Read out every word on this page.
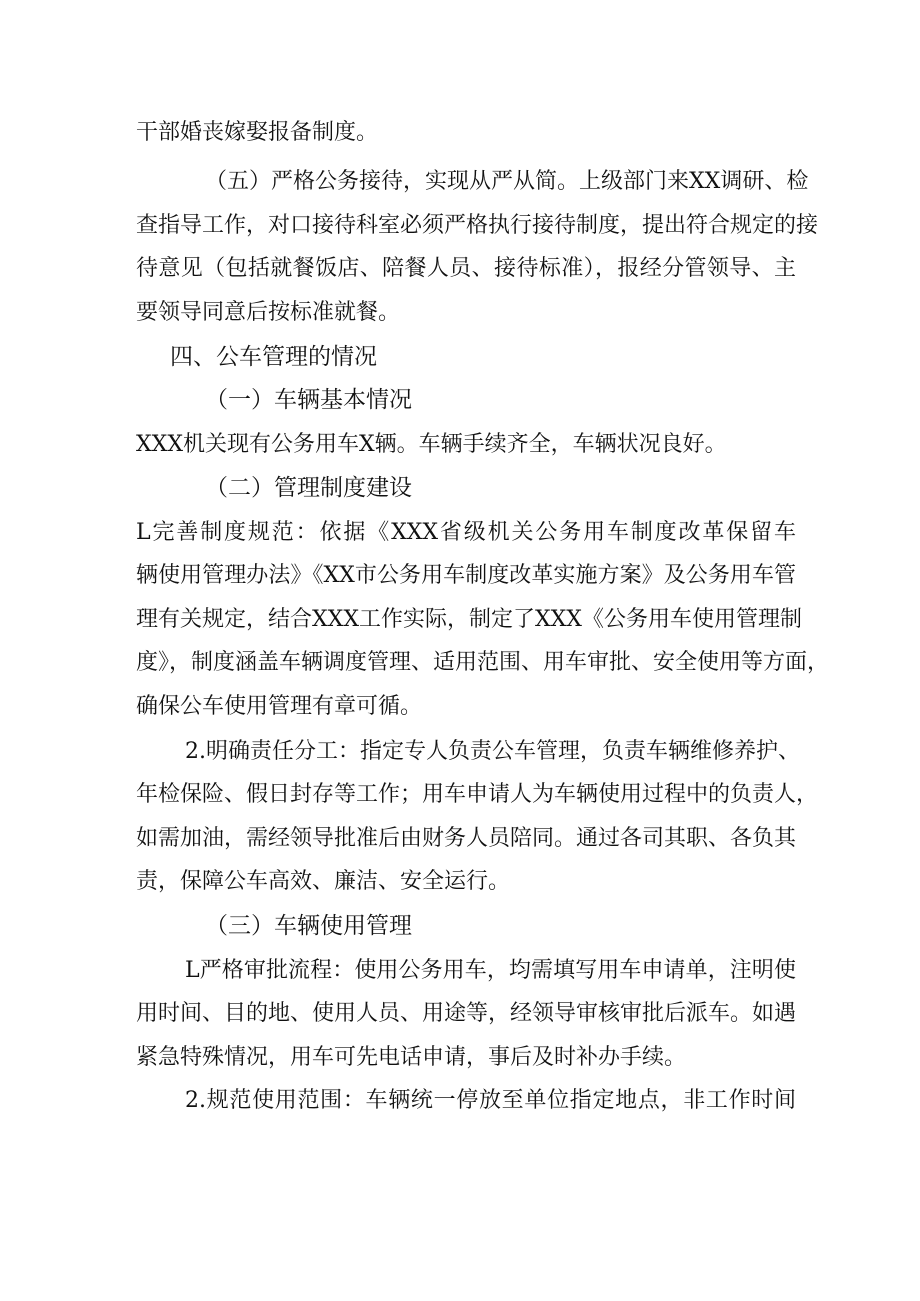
干部婚丧嫁娶报备制度。
（五）严格公务接待，实现从严从简。上级部门来XX调研、检
查指导工作，对口接待科室必须严格执行接待制度，提出符合规定的接
待意见（包括就餐饭店、陪餐人员、接待标准），报经分管领导、主
要领导同意后按标准就餐。
四、公车管理的情况
（一）车辆基本情况
XXX机关现有公务用车X辆。车辆手续齐全，车辆状况良好。
（二）管理制度建设
L完善制度规范：依据《XXX省级机关公务用车制度改革保留车
辆使用管理办法》《XX市公务用车制度改革实施方案》及公务用车管
理有关规定，结合XXX工作实际，制定了XXX《公务用车使用管理制
度》，制度涵盖车辆调度管理、适用范围、用车审批、安全使用等方面，
确保公车使用管理有章可循。
2.明确责任分工：指定专人负责公车管理，负责车辆维修养护、
年检保险、假日封存等工作；用车申请人为车辆使用过程中的负责人，
如需加油，需经领导批准后由财务人员陪同。通过各司其职、各负其
责，保障公车高效、廉洁、安全运行。
（三）车辆使用管理
L严格审批流程：使用公务用车，均需填写用车申请单，注明使
用时间、目的地、使用人员、用途等，经领导审核审批后派车。如遇
紧急特殊情况，用车可先电话申请，事后及时补办手续。
2.规范使用范围：车辆统一停放至单位指定地点，非工作时间
